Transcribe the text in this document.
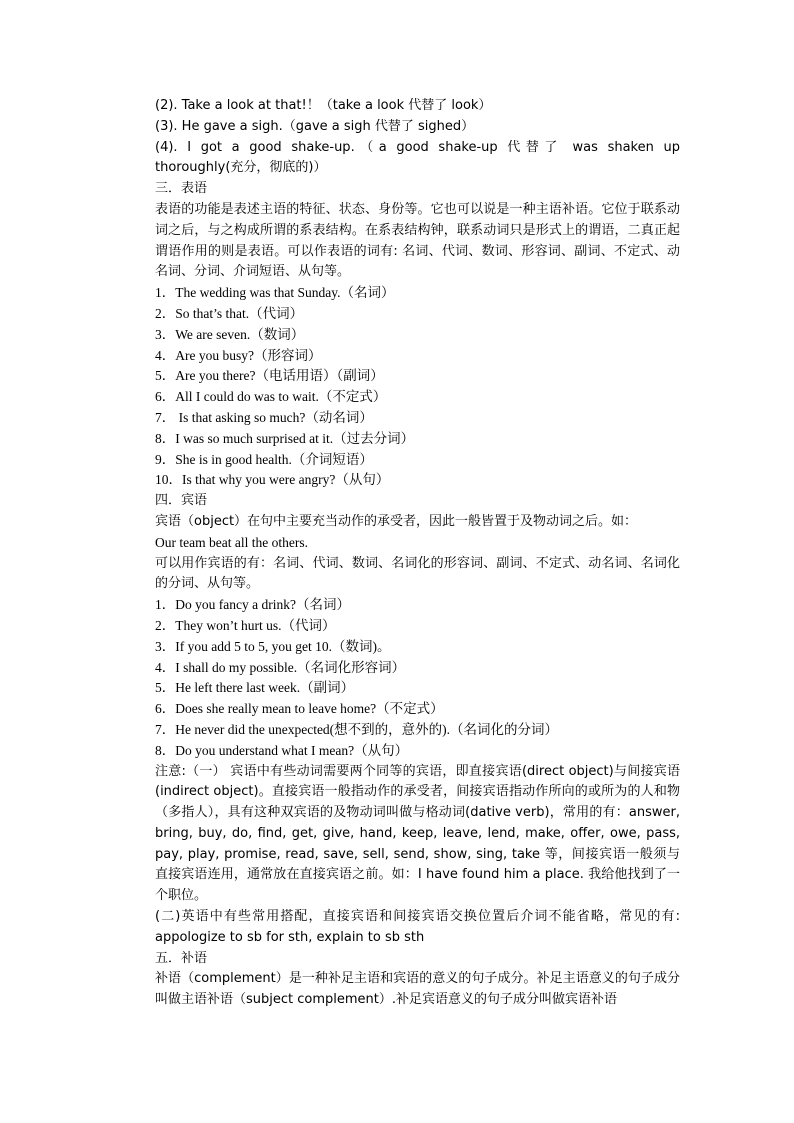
(2). Take a look at that!！（take a look 代替了 look）
(3). He gave a sigh.（gave a sigh 代替了 sighed）
(4). I got a good shake-up.（a good shake-up 代替了 was shaken up thoroughly(充分，彻底的)）
三．表语
表语的功能是表述主语的特征、状态、身份等。它也可以说是一种主语补语。它位于联系动词之后，与之构成所谓的系表结构。在系表结构钟，联系动词只是形式上的谓语，二真正起谓语作用的则是表语。可以作表语的词有: 名词、代词、数词、形容词、副词、不定式、动名词、分词、介词短语、从句等。
1．The wedding was that Sunday.（名词）
2．So that’s that.（代词）
3．We are seven.（数词）
4．Are you busy?（形容词）
5．Are you there?（电话用语）（副词）
6．All I could do was to wait.（不定式）
7． Is that asking so much?（动名词）
8．I was so much surprised at it.（过去分词）
9．She is in good health.（介词短语）
10．Is that why you were angry?（从句）
四．宾语
宾语（object）在句中主要充当动作的承受者，因此一般皆置于及物动词之后。如：
Our team beat all the others.
可以用作宾语的有：名词、代词、数词、名词化的形容词、副词、不定式、动名词、名词化的分词、从句等。
1．Do you fancy a drink?（名词）
2．They won’t hurt us.（代词）
3．If you add 5 to 5, you get 10.（数词)。
4．I shall do my possible.（名词化形容词）
5．He left there last week.（副词）
6．Does she really mean to leave home?（不定式）
7．He never did the unexpected(想不到的，意外的).（名词化的分词）
8．Do you understand what I mean?（从句）
注意:（一） 宾语中有些动词需要两个同等的宾语，即直接宾语(direct object)与间接宾语(indirect object)。直接宾语一般指动作的承受者，间接宾语指动作所向的或所为的人和物（多指人），具有这种双宾语的及物动词叫做与格动词(dative verb)，常用的有：answer, bring, buy, do, find, get, give, hand, keep, leave, lend, make, offer, owe, pass, pay, play, promise, read, save, sell, send, show, sing, take 等，间接宾语一般须与直接宾语连用，通常放在直接宾语之前。如：I have found him a place. 我给他找到了一个职位。
(二)英语中有些常用搭配，直接宾语和间接宾语交换位置后介词不能省略，常见的有: appologize to sb for sth, explain to sb sth
五．补语
补语（complement）是一种补足主语和宾语的意义的句子成分。补足主语意义的句子成分叫做主语补语（subject complement）.补足宾语意义的句子成分叫做宾语补语
